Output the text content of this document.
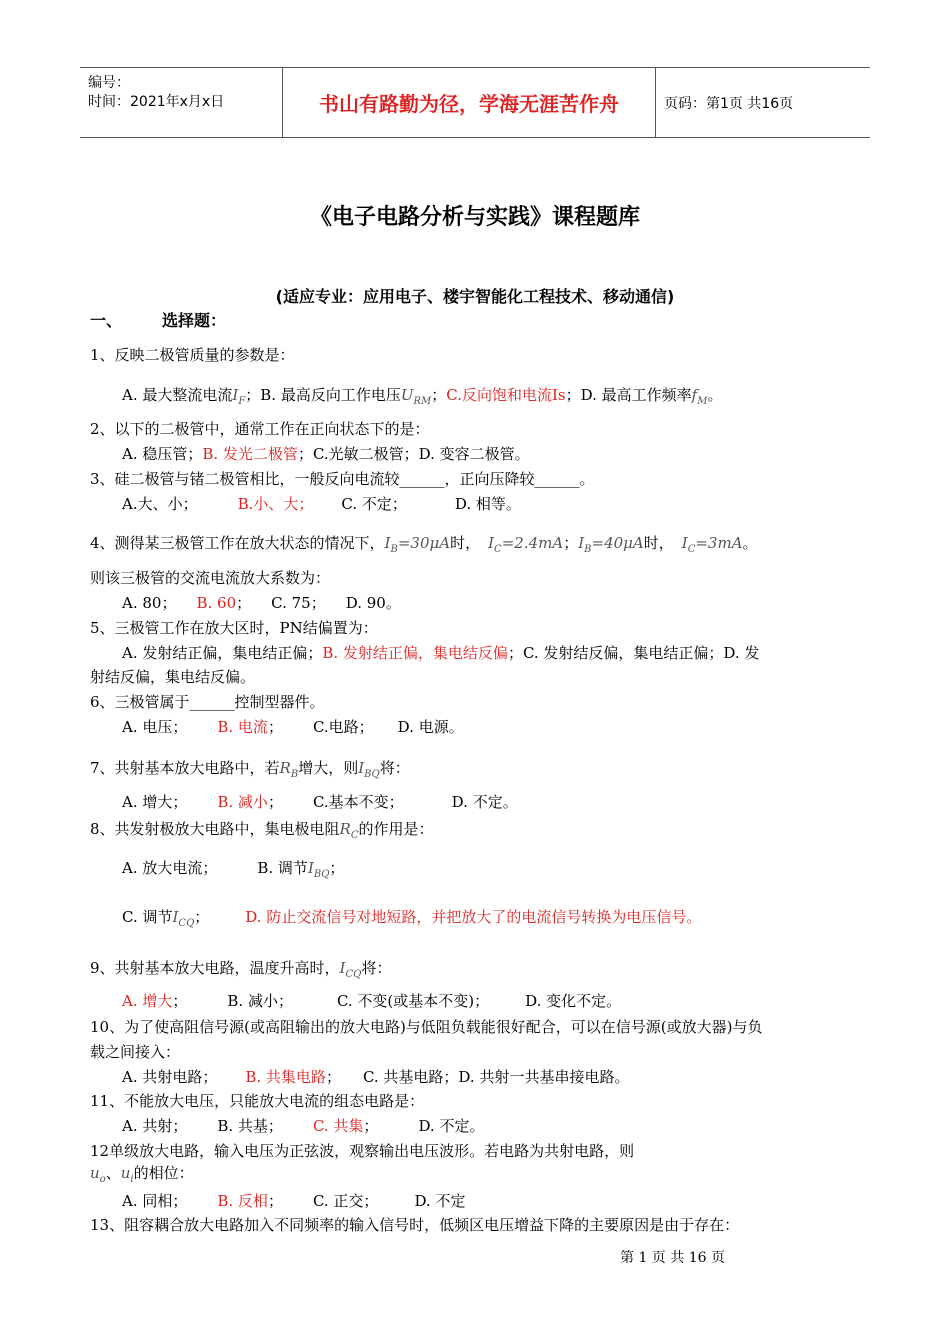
编号：
时间：2021年x月x日	书山有路勤为径，学海无涯苦作舟	页码：第1页 共16页
《电子电路分析与实践》课程题库
(适应专业：应用电子、楼宇智能化工程技术、移动通信)
一、	选择题：
1、反映二极管质量的参数是：
A. 最大整流电流$I_F$；B. 最高反向工作电压$U_{RM}$；C.反向饱和电流Is；D. 最高工作频率$f_M$。
2、以下的二极管中，通常工作在正向状态下的是：
A. 稳压管；B. 发光二极管；C.光敏二极管；D. 变容二极管。
3、硅二极管与锗二极管相比，一般反向电流较______，正向压降较______。
A.大、小；	B.小、大； C. 不定；	D. 相等。
4、测得某三极管工作在放大状态的情况下，$I_B=30\mu A$时， $I_C=2.4mA$；$I_B=40\mu A$时， $I_C=3mA$。
则该三极管的交流电流放大系数为：
A. 80； B. 60； C. 75； D. 90。
5、三极管工作在放大区时，PN结偏置为：
A. 发射结正偏，集电结正偏；B. 发射结正偏，集电结反偏；C. 发射结反偏，集电结正偏；D. 发
射结反偏，集电结反偏。
6、三极管属于______控制型器件。
A. 电压； B. 电流； C.电路； D. 电源。
7、共射基本放大电路中，若$R_B$增大，则$I_{BQ}$将：
A. 增大； B. 减小； C.基本不变；	D. 不定。
8、共发射极放大电路中，集电极电阻$R_C$的作用是：
A. 放大电流；	B. 调节$I_{BQ}$；
C. 调节$I_{CQ}$； D. 防止交流信号对地短路，并把放大了的电流信号转换为电压信号。
9、共射基本放大电路，温度升高时，$I_{CQ}$将：
A. 增大；	B. 减小；	C. 不变(或基本不变)； D. 变化不定。
10、为了使高阻信号源(或高阻输出的放大电路)与低阻负载能很好配合，可以在信号源(或放大器)与负
载之间接入：
A. 共射电路； B. 共集电路； C. 共基电路；D. 共射一共基串接电路。
11、不能放大电压，只能放大电流的组态电路是：
A. 共射； B. 共基； C. 共集；	D. 不定。
12单级放大电路，输入电压为正弦波，观察输出电压波形。若电路为共射电路，则
$u_o$、$u_i$的相位：
A. 同相； B. 反相； C. 正交； D. 不定
13、阻容耦合放大电路加入不同频率的输入信号时，低频区电压增益下降的主要原因是由于存在：
第 1 页 共 16 页
